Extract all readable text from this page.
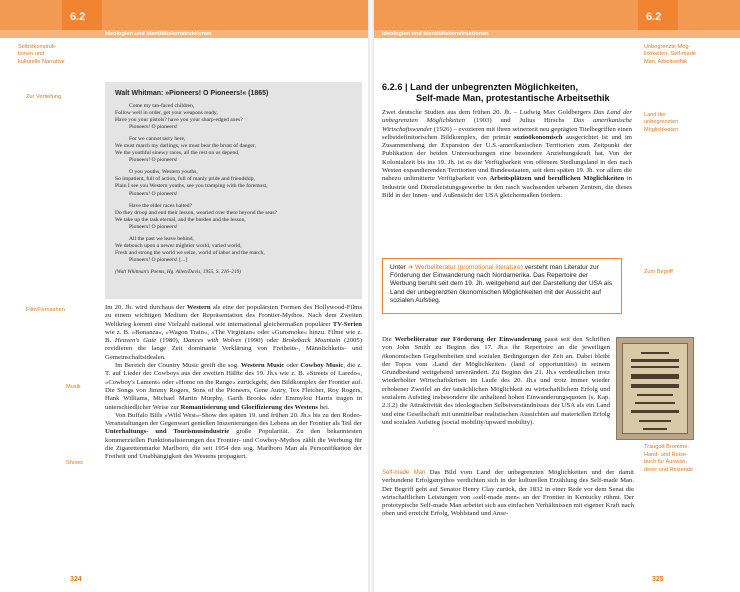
6.2
Ideologien und Identitätskonstruktionen
Selbstkonstruk-
tionen und
kulturelle Narrative
Zur Vertiefung	Walt Whitman: »Pioneers! O Pioneers!« (1865)
Come my tan-faced children,
Follow well in order, get your weapons ready,
Have you your pistols? have you your sharp-edged axes?
Pioneers! O pioneers!
For we cannot tarry here,
We must march my darlings, we must bear the brunt of danger,
We the youthful sinewy races, all the rest on us depend,
Pioneers! O pioneers!
O you youths, Western youths,
So impatient, full of action, full of manly pride and friendship,
Plain I see you Western youths, see you tramping with the foremost,
Pioneers! O pioneers!
Have the elder races halted?
Do they droop and end their lesson, wearied over there beyond the seas?
We take up the task eternal, and the burden and the lesson,
Pioneers! O pioneers!
All the past we leave behind,
We debouch upon a newer mightier world, varied world,
Fresh and strong the world we seize, world of labor and the march,
Pioneers! O pioneers! [...]
(Walt Whitman's Poems, Hg. Allen/Davis, 1955, S. 216–219)
Film/Fernsehen
Musik
Shows

Im 20. Jh. wird durchaus der Western als eine der populärsten Formen des Hollywood-Films zu einem wichtigen Medium der Repräsentation des Frontier-Mythos. Nach dem Zweiten Weltkrieg kommt eine Vielzahl national wie international gleichermaßen populärer TV-Serien wie z. B. »Bonanza«, »Wagon Train«, »The Virginian« oder »Gunsmoke« hinzu. Filme wie z. B. Heaven's Gate (1980), Dances with Wolves (1990) oder Brokeback Mountain (2005) revidieren die lange Zeit dominante Verklärung von Freiheits-, Männlichkeits- und Gemeinschaftsidealen.

Im Bereich der Country Music greift die sog. Western Music oder Cowboy Music, die z. T. auf Lieder der Cowboys aus der zweiten Hälfte des 19. Jh.s wie z. B. »Streets of Laredo«, »Cowboy's Lament« oder »Home on the Range« zurückgeht, den Bildkomplex der Frontier auf. Die Songs von Jimmy Rogers, Sons of the Pioneers, Gene Autry, Tex Fletcher, Roy Rogers, Hank Williams, Michael Martin Murphy, Garth Brooks oder Emmylou Harris tragen in unterschiedlicher Weise zur Romantisierung und Glorifizierung des Westens bei.

Von Buffalo Bills »Wild West«-Show des späten 19. und frühen 20. Jh.s bis zu den Rodeo-Veranstaltungen der Gegenwart genießen Inszenierungen des Lebens an der Frontier als Teil der Unterhaltungs- und Tourismusindustrie große Popularität. Zu den bekanntesten kommerziellen Funktionalisierungen des Frontier- und Cowboy-Mythos zählt die Werbung für die Zigarettenmarke Marlboro, die seit 1954 den sog. Marlboro Man als Personifikation der Freiheit und Unabhängigkeit des Westens propagiert.

324
6.2
Ideologien und Identitätskonstruktionen
Unbegrenzte Mög-
lichkeiten, Self-made
Man, Arbeitsethik
6.2.6 | Land der unbegrenzten Möglichkeiten,
Self-made Man, protestantische Arbeitsethik
Land der
unbegrenzten
Möglichkeiten

Zwei deutsche Studien aus dem frühen 20. Jh. – Ludwig Max Goldbergers Das Land der unbegrenzten Möglichkeiten (1903) und Julius Hirschs Das amerikanische Wirtschaftswunder (1926) – evozieren mit ihren seinerzeit neu geprägten Titelbegriffen einen selbstdefinitorischen Bildkomplex, der primär sozioökonomisch ausgerichtet ist und im Zusammenhang der Expansion der U.S.-amerikanischen Territorien zum Zeitpunkt der Publikation der beiden Untersuchungen eine besondere Anziehungskraft hat. Von der Kolonialzeit bis ins 19. Jh. ist es die Verfügbarkeit von offenem Siedlungsland in den nach Westen expandierenden Territorien und Bundesstaaten, seit dem späten 19. Jh. vor allem die nahezu unlimitierte Verfügbarkeit von Arbeitsplätzen und beruflichen Möglichkeiten in Industrie und Dienstleistungsgewerbe in den rasch wachsenden urbanen Zentren, die dieses Bild in der Innen- und Außensicht der USA gleichermaßen fördern.

Zum Begriff
Unter ➔ Werbeliteratur (promotional literature) versteht man Literatur zur Förderung der Einwanderung nach Nordamerika. Das Repertoire der Werbung beruht seit dem 19. Jh. weitgehend auf der Darstellung der USA als Land der unbegrenzten ökonomischen Möglichkeiten mit der Aussicht auf sozialen Aufstieg.

Die Werbeliteratur zur Förderung der Einwanderung passt seit den Schriften von John Smith zu Beginn des 17. Jh.s ihr Repertoire an die jeweiligen ökonomischen Gegebenheiten und sozialen Bedingungen der Zeit an. Dabei bleibt der Topos vom ›Land der Möglichkeiten‹ (land of opportunities) in seinem Grundbestand weitgehend unverändert. Zu Beginn des 21. Jh.s verdeutlichen trotz wiederholter Wirtschaftskrisen im Laufe des 20. Jh.s und trotz immer wieder erhobener Zweifel an der tatsächlichen Möglichkeit zu wirtschaftlichem Erfolg und sozialem Aufstieg insbesondere die anhaltend hohen Einwanderungsquoten (s. Kap. 2.3.2) die Attraktivität des ideologischen Selbstverständnisses der USA als ein Land und eine Gesellschaft mit unmittelbar realistischen Aussichten auf materiellen Erfolg und sozialen Aufstieg (social mobility/upward mobility).

Self-made Man Das Bild vom Land der unbegrenzten Möglichkeiten und der damit verbundene Erfolgsmythos verdichten sich in der kulturellen Erzählung des Self-made Man. Der Begriff geht auf Senator Henry Clay zurück, der 1832 in einer Rede vor dem Senat die wirtschaftlichen Leistungen von »self-made men« an der Frontier in Kentucky rühmt. Der prototypische Self-made Man arbeitet sich aus einfachen Verhältnissen mit eigener Kraft nach oben und erreicht Erfolg, Wohlstand und Anse-

Traugott Bromme:
Hand- und Reise-
buch für Auswan-
derer und Reisende
325
